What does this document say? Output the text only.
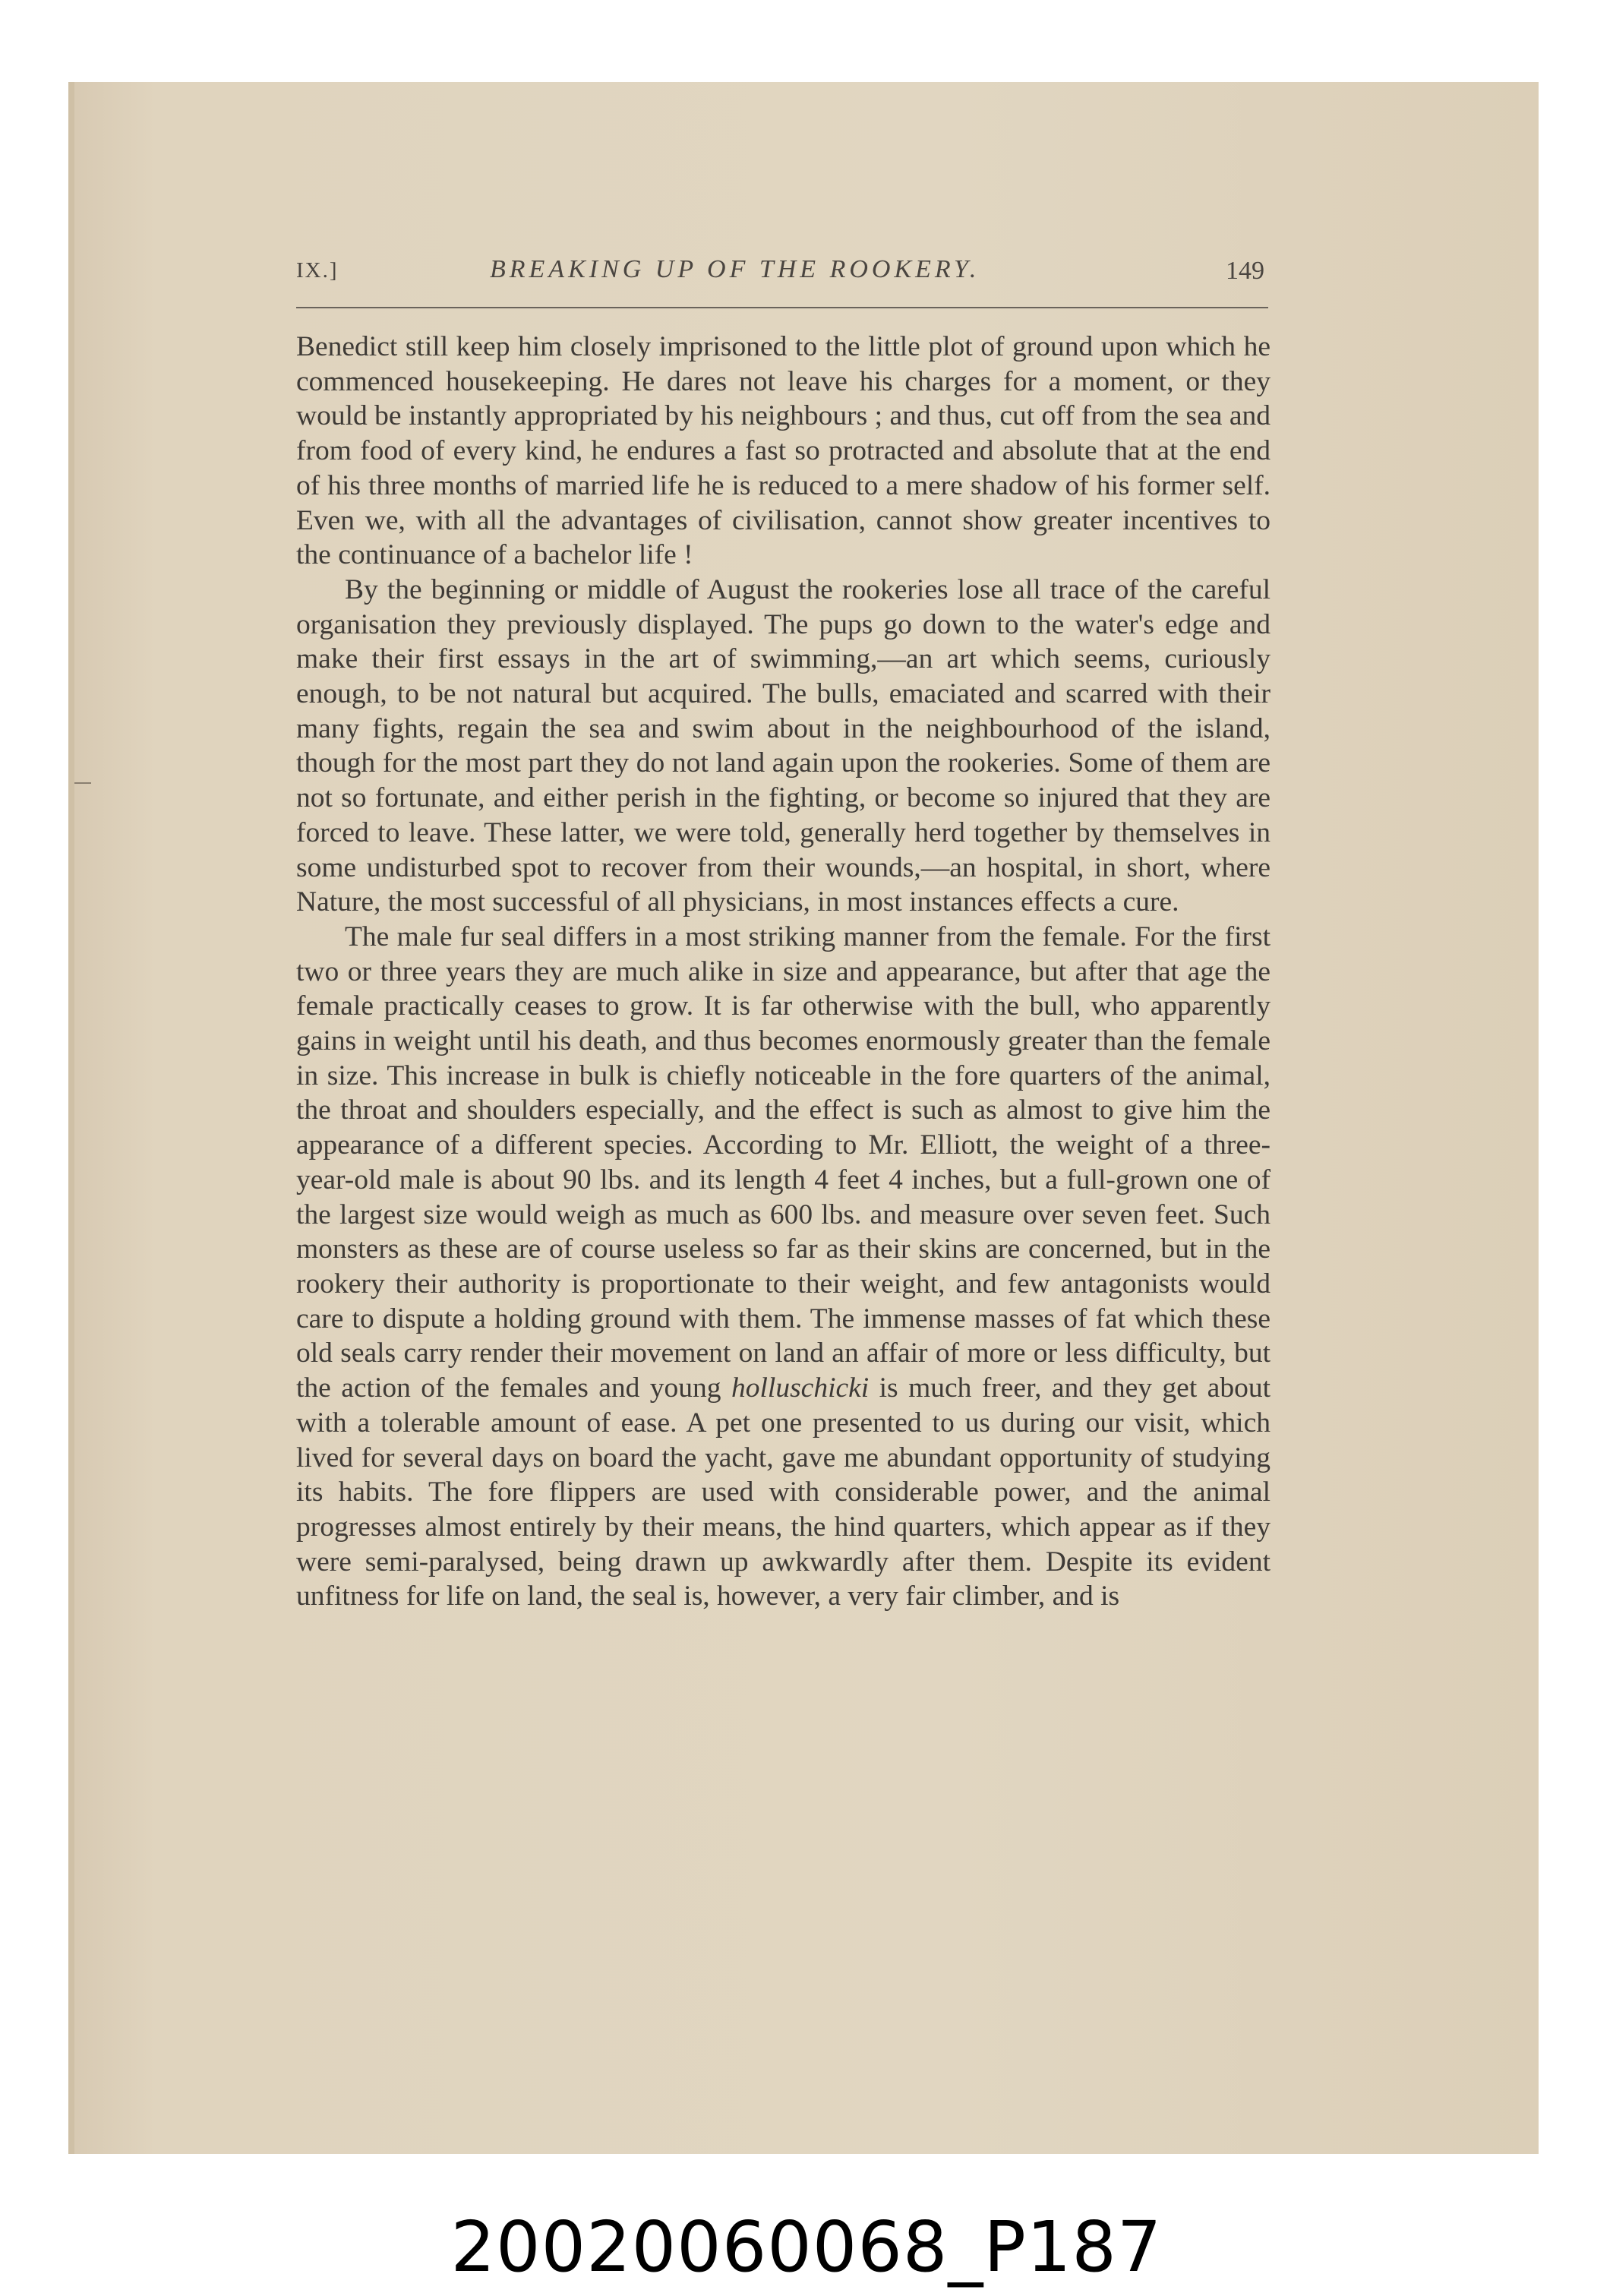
IX.]	BREAKING UP OF THE ROOKERY.	149

Benedict still keep him closely imprisoned to the little plot of ground upon which he commenced housekeeping. He dares not leave his charges for a moment, or they would be instantly appropriated by his neighbours ; and thus, cut off from the sea and from food of every kind, he endures a fast so protracted and absolute that at the end of his three months of married life he is reduced to a mere shadow of his former self. Even we, with all the advantages of civilisation, cannot show greater incentives to the continuance of a bachelor life !

By the beginning or middle of August the rookeries lose all trace of the careful organisation they previously displayed. The pups go down to the water's edge and make their first essays in the art of swimming,—an art which seems, curiously enough, to be not natural but acquired. The bulls, emaciated and scarred with their many fights, regain the sea and swim about in the neighbourhood of the island, though for the most part they do not land again upon the rookeries. Some of them are not so fortunate, and either perish in the fighting, or become so injured that they are forced to leave. These latter, we were told, generally herd together by themselves in some undisturbed spot to recover from their wounds,—an hospital, in short, where Nature, the most successful of all physicians, in most instances effects a cure.

The male fur seal differs in a most striking manner from the female. For the first two or three years they are much alike in size and appearance, but after that age the female practically ceases to grow. It is far otherwise with the bull, who apparently gains in weight until his death, and thus becomes enormously greater than the female in size. This increase in bulk is chiefly noticeable in the fore quarters of the animal, the throat and shoulders especially, and the effect is such as almost to give him the appearance of a different species. According to Mr. Elliott, the weight of a three-year-old male is about 90 lbs. and its length 4 feet 4 inches, but a full-grown one of the largest size would weigh as much as 600 lbs. and measure over seven feet. Such monsters as these are of course useless so far as their skins are concerned, but in the rookery their authority is proportionate to their weight, and few antagonists would care to dispute a holding ground with them. The immense masses of fat which these old seals carry render their movement on land an affair of more or less difficulty, but the action of the females and young holluschicki is much freer, and they get about with a tolerable amount of ease. A pet one presented to us during our visit, which lived for several days on board the yacht, gave me abundant opportunity of studying its habits. The fore flippers are used with considerable power, and the animal progresses almost entirely by their means, the hind quarters, which appear as if they were semi-paralysed, being drawn up awkwardly after them. Despite its evident unfitness for life on land, the seal is, however, a very fair climber, and is

20020060068_P187
